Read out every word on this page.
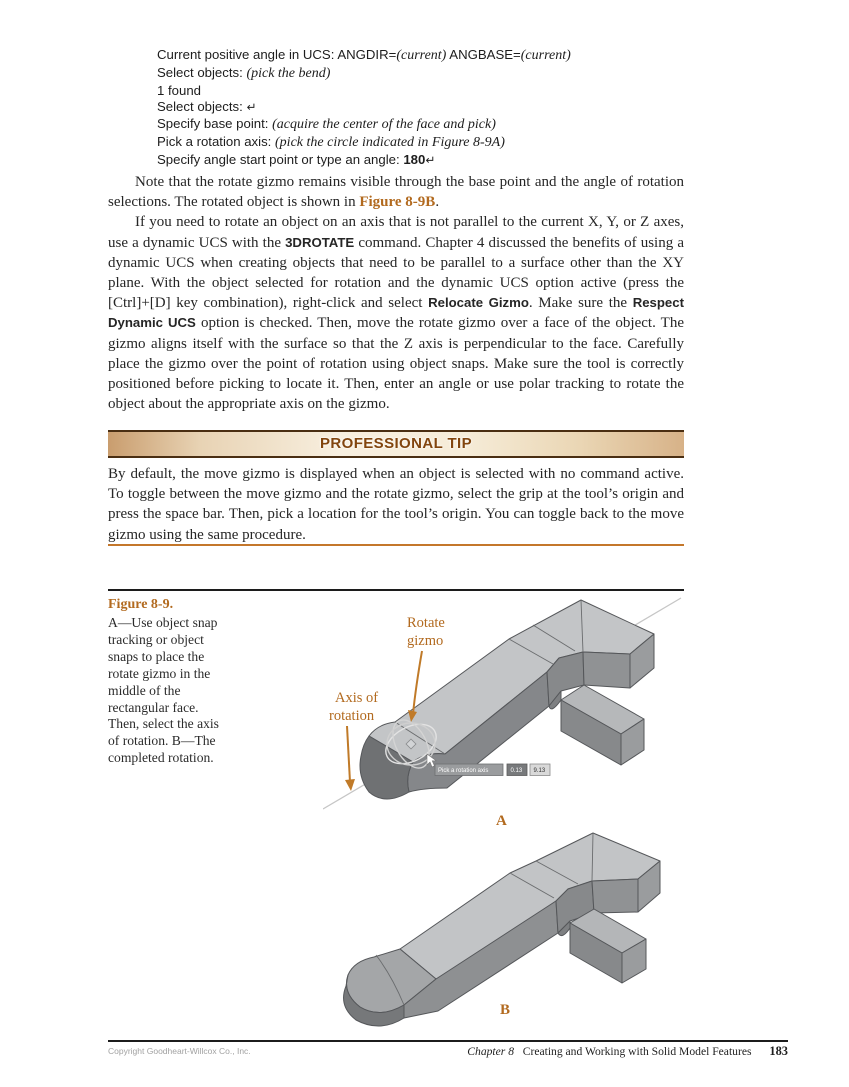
Current positive angle in UCS: ANGDIR=(current) ANGBASE=(current)
Select objects: (pick the bend)
1 found
Select objects: ↵
Specify base point: (acquire the center of the face and pick)
Pick a rotation axis: (pick the circle indicated in Figure 8-9A)
Specify angle start point or type an angle: 180↵

Note that the rotate gizmo remains visible through the base point and the angle of rotation selections. The rotated object is shown in Figure 8-9B.

If you need to rotate an object on an axis that is not parallel to the current X, Y, or Z axes, use a dynamic UCS with the 3DROTATE command. Chapter 4 discussed the benefits of using a dynamic UCS when creating objects that need to be parallel to a surface other than the XY plane. With the object selected for rotation and the dynamic UCS option active (press the [Ctrl]+[D] key combination), right-click and select Relocate Gizmo. Make sure the Respect Dynamic UCS option is checked. Then, move the rotate gizmo over a face of the object. The gizmo aligns itself with the surface so that the Z axis is perpendicular to the face. Carefully place the gizmo over the point of rotation using object snaps. Make sure the tool is correctly positioned before picking to locate it. Then, enter an angle or use polar tracking to rotate the object about the appropriate axis on the gizmo.

PROFESSIONAL TIP

By default, the move gizmo is displayed when an object is selected with no command active. To toggle between the move gizmo and the rotate gizmo, select the grip at the tool’s origin and press the space bar. Then, pick a location for the tool’s origin. You can toggle back to the move gizmo using the same procedure.

Figure 8-9.

A—Use object snap tracking or object snaps to place the rotate gizmo in the middle of the rectangular face. Then, select the axis of rotation. B—The completed rotation.

Pick a rotation axis	0.13 9.13
Rotate
gizmo
Axis of
rotation
A
B
Copyright Goodheart-Willcox Co., Inc.	Chapter 8 Creating and Working with Solid Model Features 183
